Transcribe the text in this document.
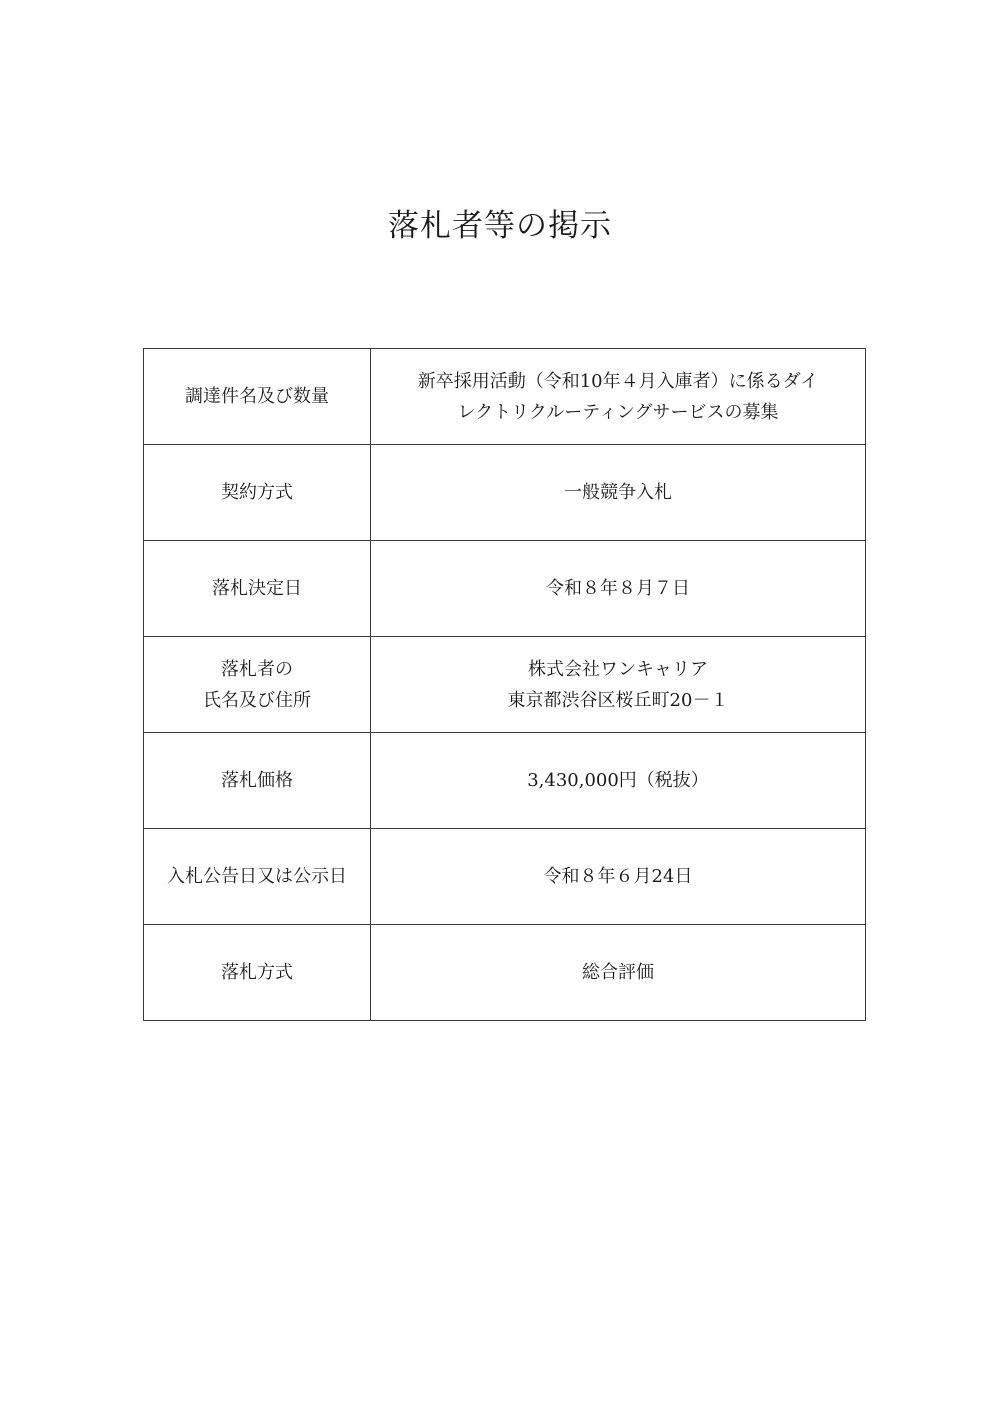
落札者等の掲示
調達件名及び数量	新卒採用活動（令和10年４月入庫者）に係るダイ
レクトリクルーティングサービスの募集

契約方式	一般競争入札

落札決定日	令和８年８月７日

落札者の
氏名及び住所	株式会社ワンキャリア
東京都渋谷区桜丘町20－１

落札価格	3,430,000円（税抜）

入札公告日又は公示日	令和８年６月24日

落札方式	総合評価
